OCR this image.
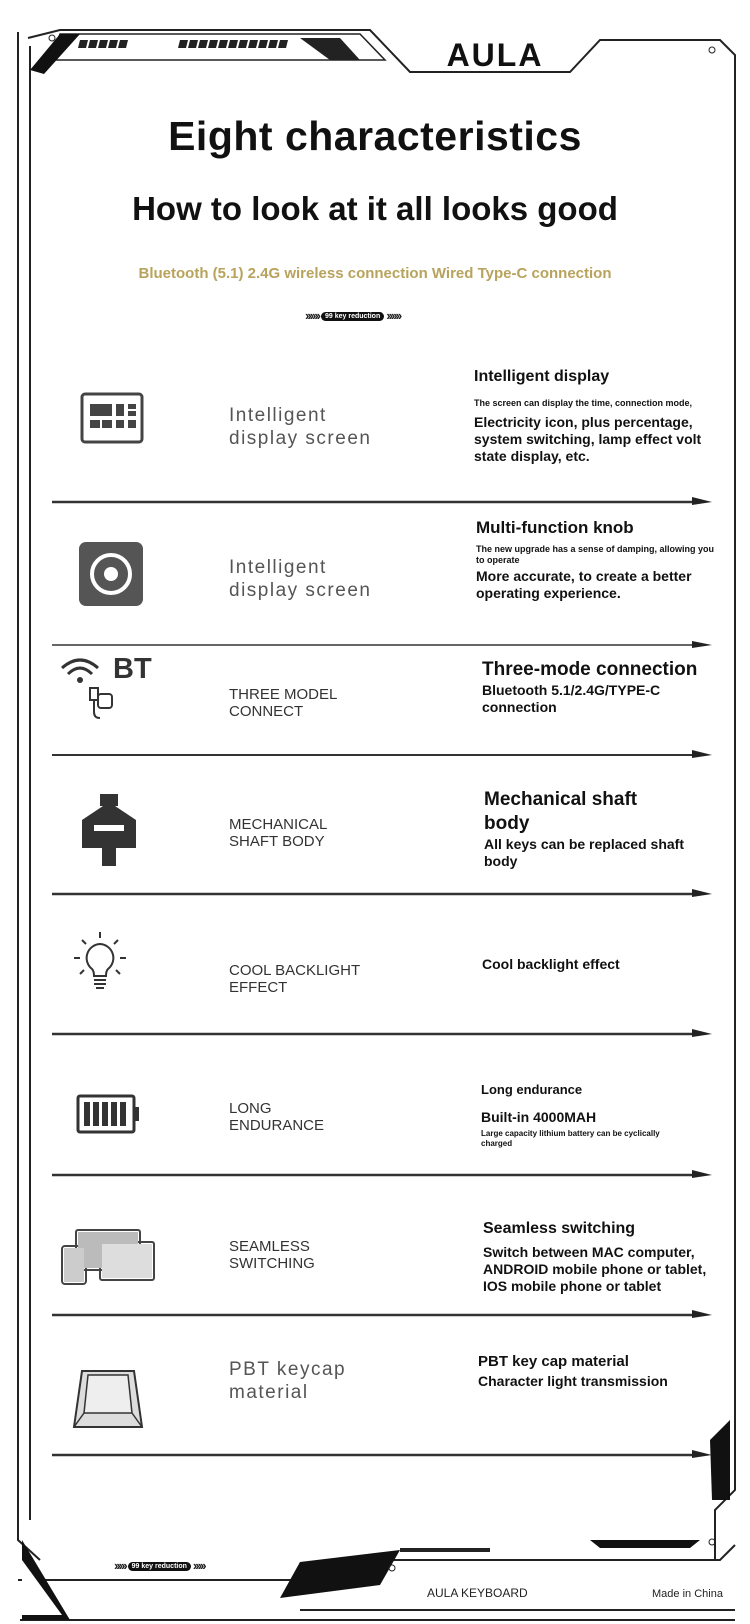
AULA
Eight characteristics
How to look at it all looks good
Bluetooth (5.1) 2.4G wireless connection Wired Type-C connection
›››››› 99 key reduction ››››››
Intelligent
display screen
Intelligent display
The screen can display the time, connection mode,
Electricity icon, plus percentage, system switching, lamp effect volt state display, etc.
Intelligent
display screen
Multi-function knob
The new upgrade has a sense of damping, allowing you to operate
More accurate, to create a better operating experience.
BT
THREE MODEL
CONNECT
Three-mode connection
Bluetooth 5.1/2.4G/TYPE-C connection
MECHANICAL
SHAFT BODY
Mechanical shaft body
All keys can be replaced shaft body
COOL BACKLIGHT
EFFECT
Cool backlight effect
LONG
ENDURANCE
Long endurance
Built-in 4000MAH
Large capacity lithium battery can be cyclically charged
SEAMLESS
SWITCHING
Seamless switching
Switch between MAC computer, ANDROID mobile phone or tablet, IOS mobile phone or tablet
PBT keycap
material
PBT key cap material
Character light transmission
››››› 99 key reduction ›››››
AULA KEYBOARD	Made in China
